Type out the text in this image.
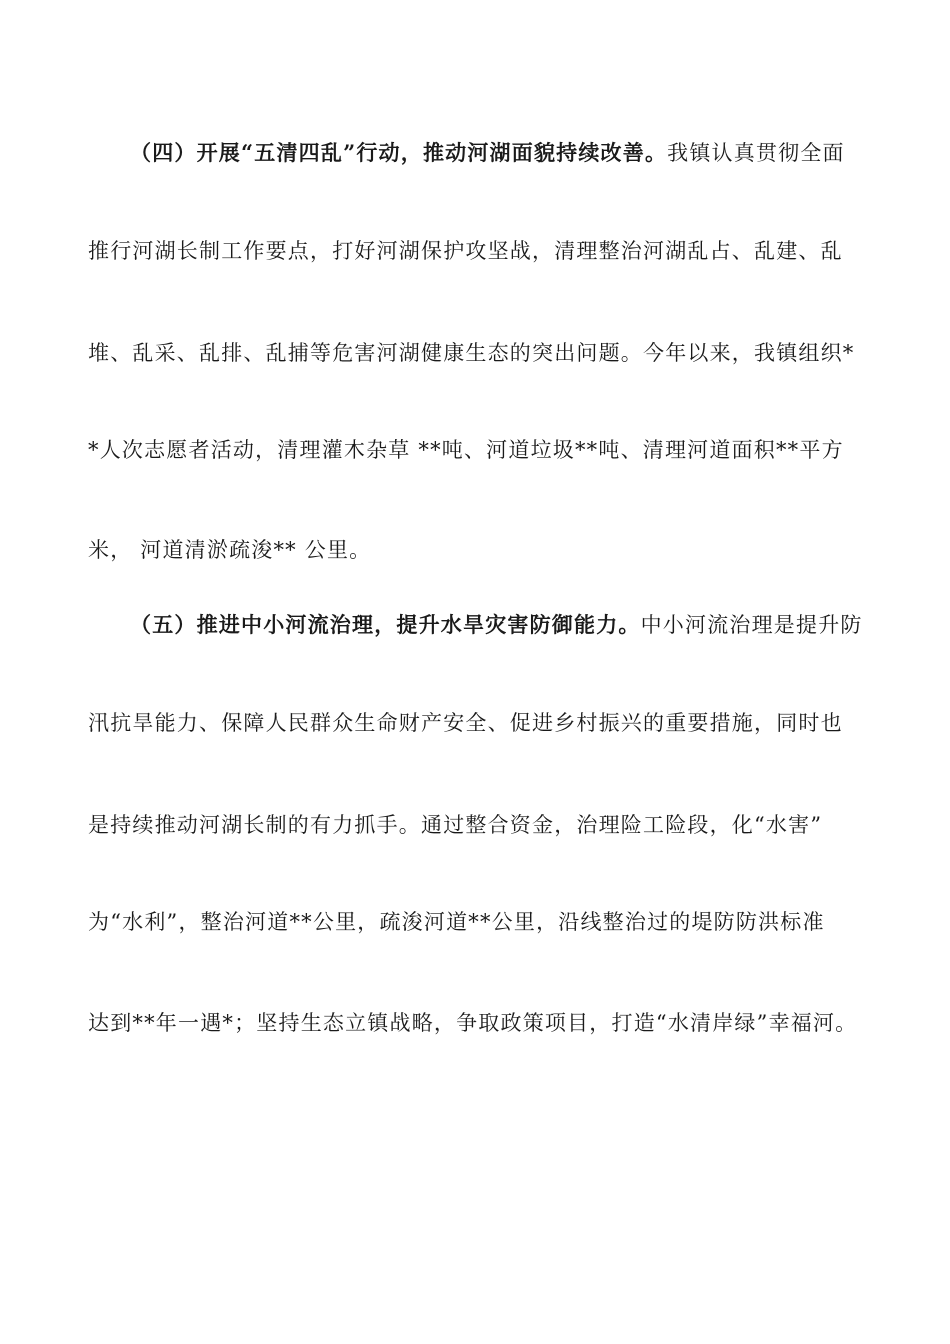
（四）开展“五清四乱”行动，推动河湖面貌持续改善。我镇认真贯彻全面
推行河湖长制工作要点，打好河湖保护攻坚战，清理整治河湖乱占、乱建、乱
堆、乱采、乱排、乱捕等危害河湖健康生态的突出问题。今年以来，我镇组织*
*人次志愿者活动，清理灌木杂草 **吨、河道垃圾**吨、清理河道面积**平方
米， 河道清淤疏浚** 公里。
（五）推进中小河流治理，提升水旱灾害防御能力。中小河流治理是提升防
汛抗旱能力、保障人民群众生命财产安全、促进乡村振兴的重要措施，同时也
是持续推动河湖长制的有力抓手。通过整合资金，治理险工险段，化“水害”
为“水利”，整治河道**公里，疏浚河道**公里，沿线整治过的堤防防洪标准
达到**年一遇*；坚持生态立镇战略，争取政策项目，打造“水清岸绿”幸福河。
